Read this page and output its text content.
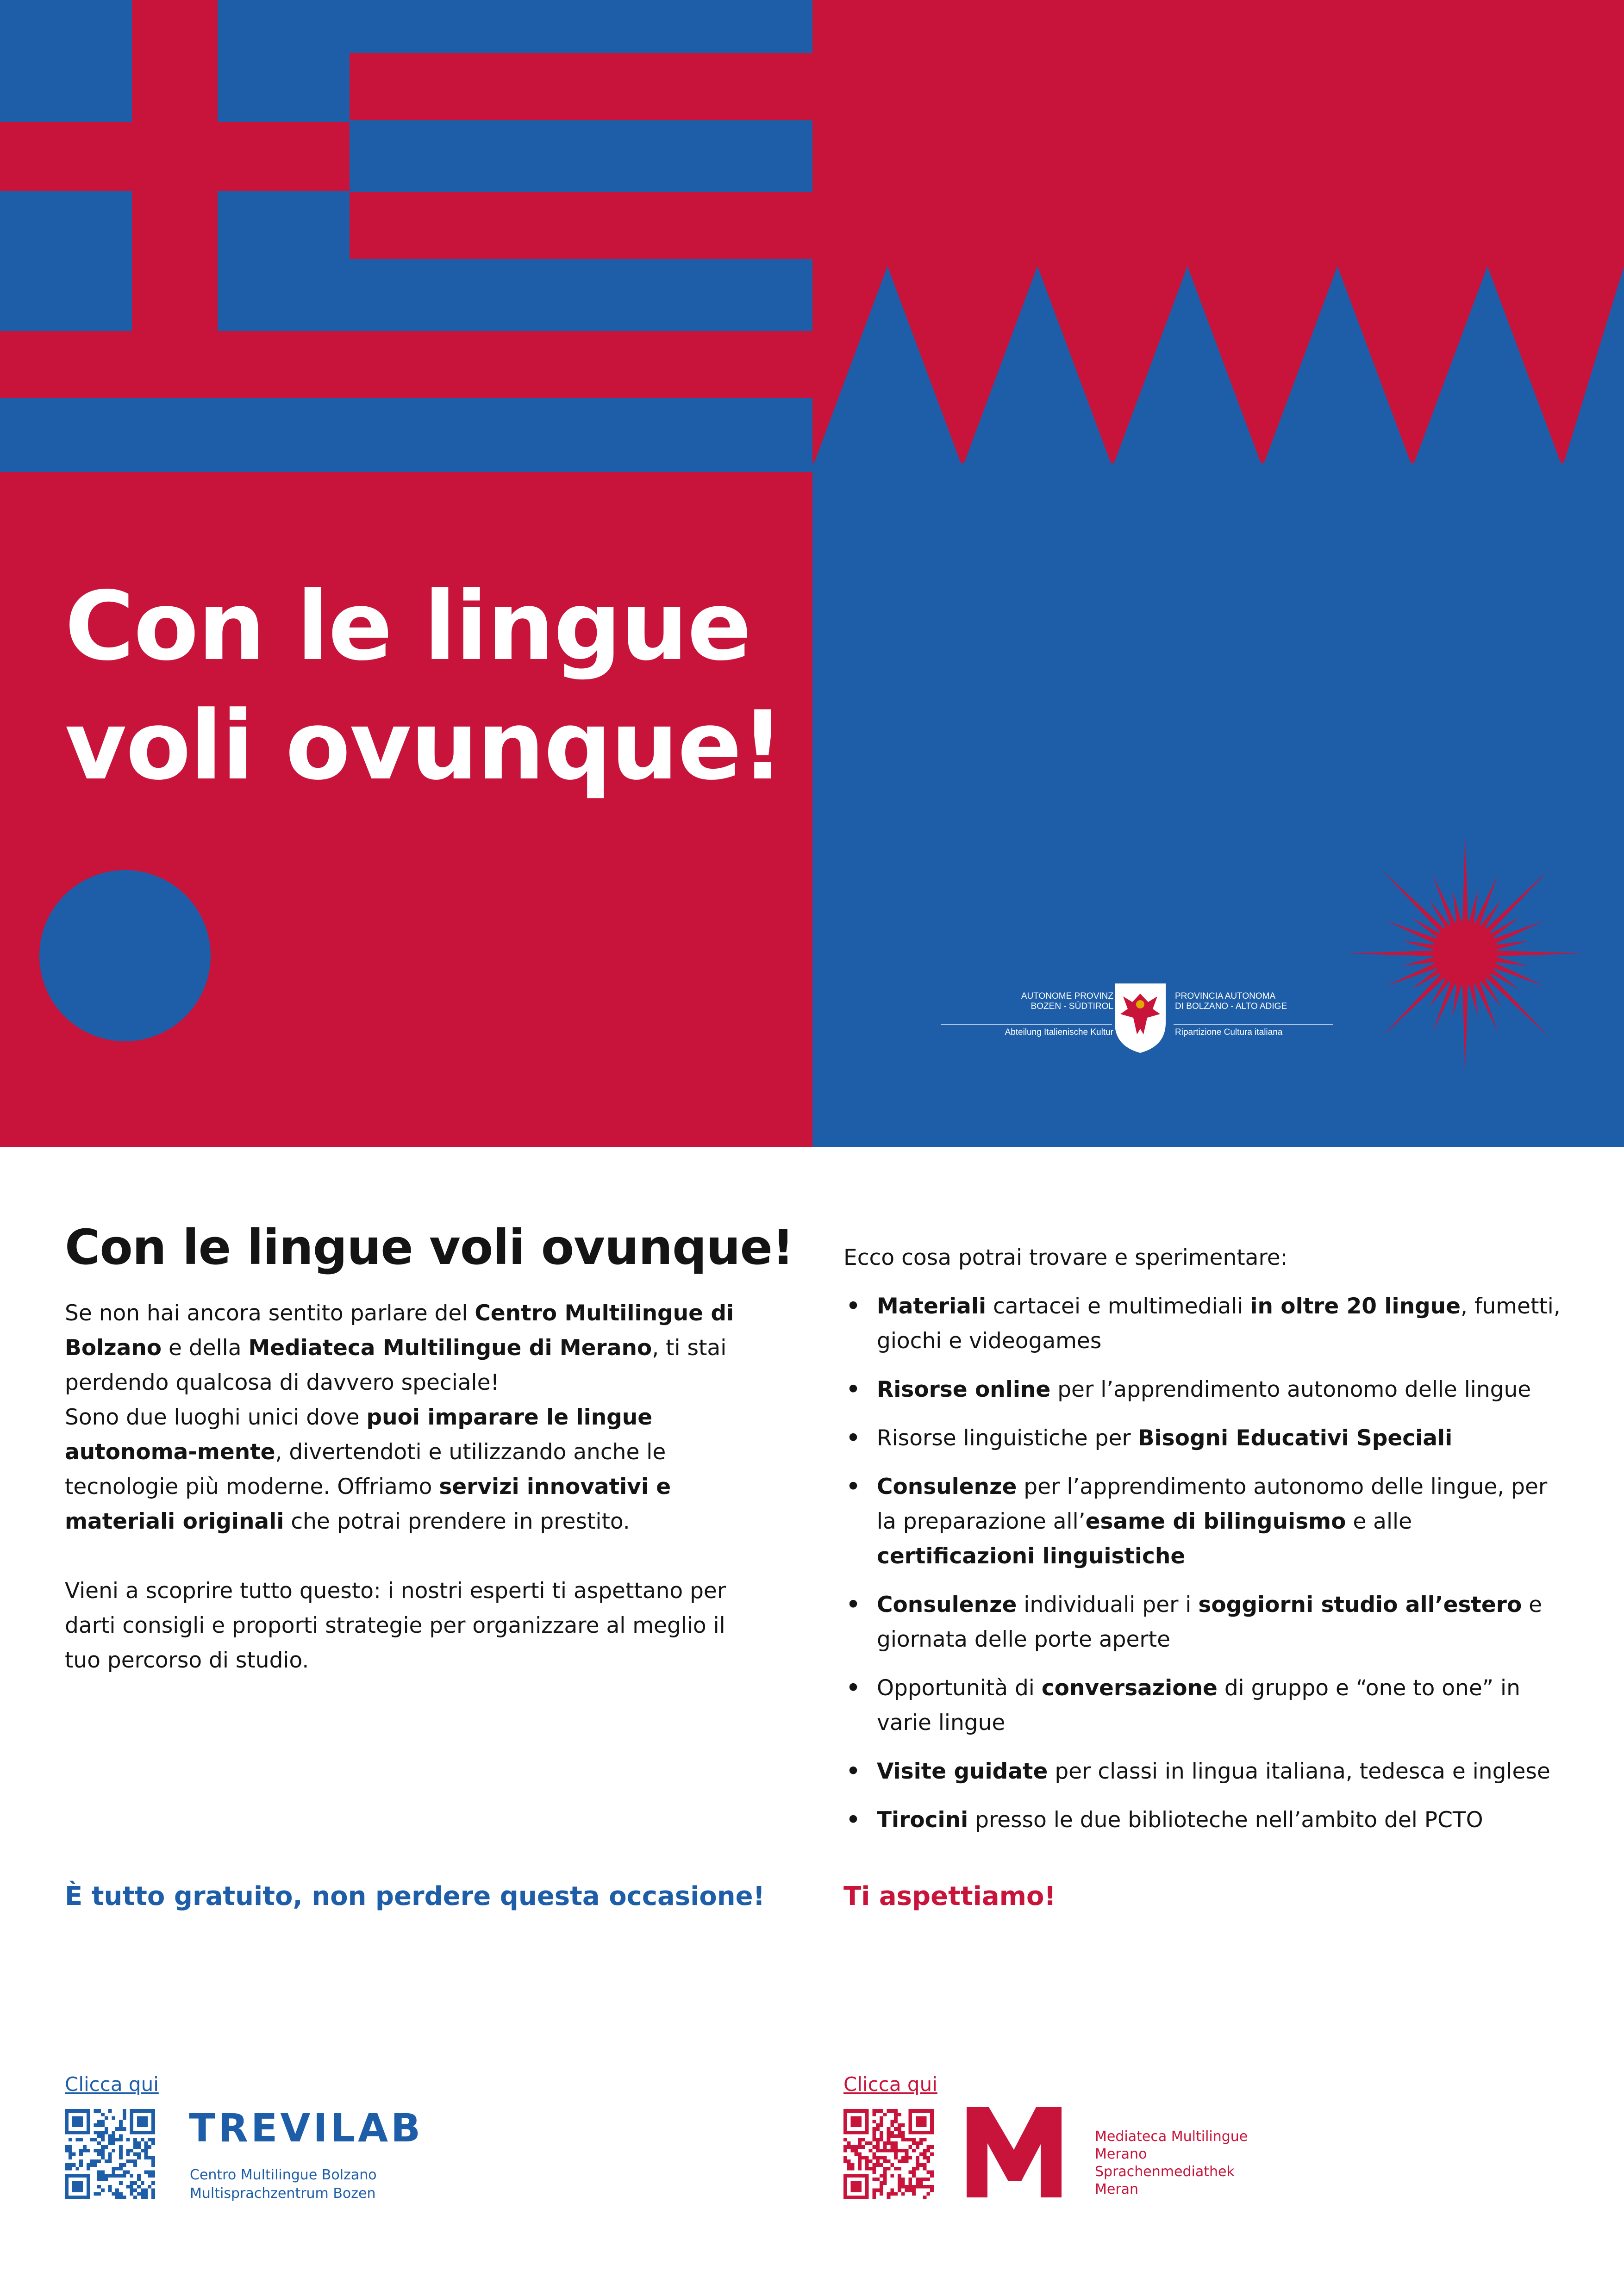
Con le lingue
voli ovunque!
AUTONOME PROVINZ
BOZEN - SÜDTIROL
Abteilung Italienische Kultur
PROVINCIA AUTONOMA
DI BOLZANO - ALTO ADIGE
Ripartizione Cultura italiana
Con le lingue voli ovunque!

Se non hai ancora sentito parlare del Centro Multilingue di Bolzano e della Mediateca Multilingue di Merano, ti stai perdendo qualcosa di davvero speciale!

Sono due luoghi unici dove puoi imparare le lingue autonoma-mente, divertendoti e utilizzando anche le tecnologie più moderne. Offriamo servizi innovativi e materiali originali che potrai prendere in prestito.

Vieni a scoprire tutto questo: i nostri esperti ti aspettano per darti consigli e proporti strategie per organizzare al meglio il tuo percorso di studio.

Ecco cosa potrai trovare e sperimentare:

• Materiali cartacei e multimediali in oltre 20 lingue, fumetti, giochi e videogames
• Risorse online per l’apprendimento autonomo delle lingue
• Risorse linguistiche per Bisogni Educativi Speciali
• Consulenze per l’apprendimento autonomo delle lingue, per la preparazione all’esame di bilinguismo e alle certificazioni linguistiche
• Consulenze individuali per i soggiorni studio all’estero e giornata delle porte aperte
• Opportunità di conversazione di gruppo e “one to one” in varie lingue
• Visite guidate per classi in lingua italiana, tedesca e inglese
• Tirocini presso le due biblioteche nell’ambito del PCTO

È tutto gratuito, non perdere questa occasione!	Ti aspettiamo!

Clicca qui
TREVILAB
Centro Multilingue Bolzano
Multisprachzentrum Bozen
Clicca qui
Mediateca Multilingue
Merano
Sprachenmediathek
Meran
